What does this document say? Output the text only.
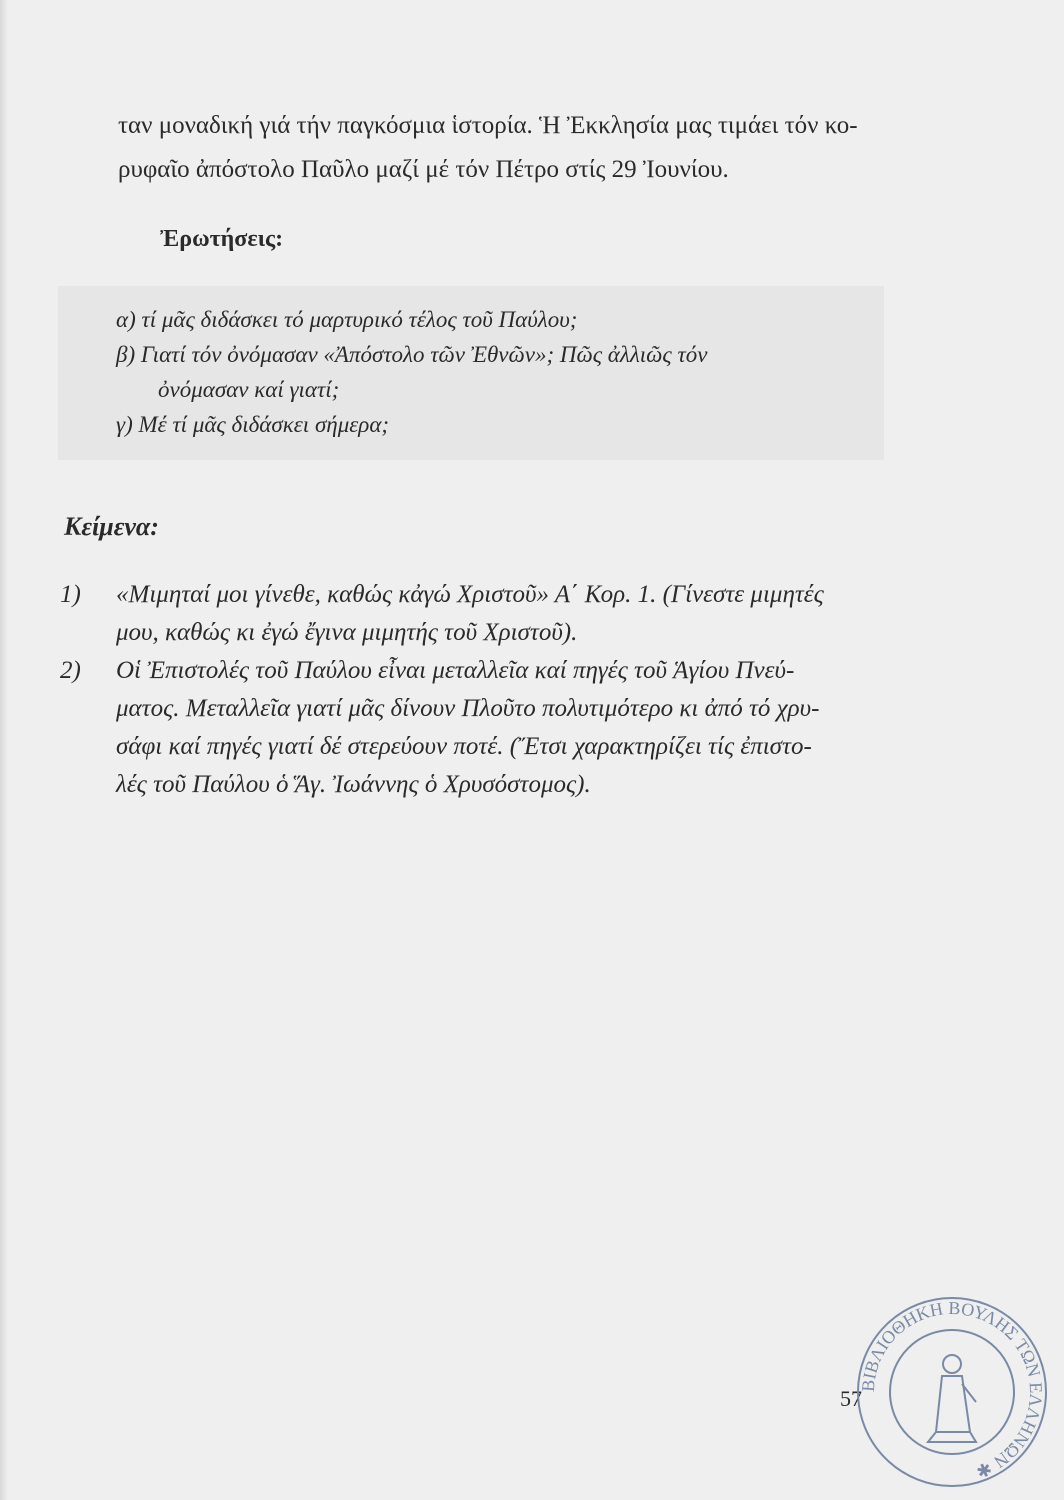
ταν μοναδική γιά τήν παγκόσμια ἱστορία. Ἡ Ἐκκλησία μας τιμάει τόν κο-

ρυφαῖο ἀπόστολο Παῦλο μαζί μέ τόν Πέτρο στίς 29 Ἰουνίου.

Ἐρωτήσεις:
α) τί μᾶς διδάσκει τό μαρτυρικό τέλος τοῦ Παύλου;
β) Γιατί τόν ὀνόμασαν «Ἀπόστολο τῶν Ἐθνῶν»; Πῶς ἀλλιῶς τόν
ὀνόμασαν καί γιατί;
γ) Μέ τί μᾶς διδάσκει σήμερα;
Κείμενα:
1) «Μιμηταί μοι γίνεθε, καθώς κἀγώ Χριστοῦ» Α΄ Κορ. 1. (Γίνεστε μιμητές
μου, καθώς κι ἐγώ ἔγινα μιμητής τοῦ Χριστοῦ).
2) Οἱ Ἐπιστολές τοῦ Παύλου εἶναι μεταλλεῖα καί πηγές τοῦ Ἁγίου Πνεύ-
ματος. Μεταλλεῖα γιατί μᾶς δίνουν Πλοῦτο πολυτιμότερο κι ἀπό τό χρυ-
σάφι καί πηγές γιατί δέ στερεύουν ποτέ. (Ἔτσι χαρακτηρίζει τίς ἐπιστο-
λές τοῦ Παύλου ὁ Ἅγ. Ἰωάννης ὁ Χρυσόστομος).
57
ΒΙΒΛΙΟΘΗΚΗ ΒΟΥΛΗΣ ΤΩΝ ΕΛΛΗΝΩΝ ✱
